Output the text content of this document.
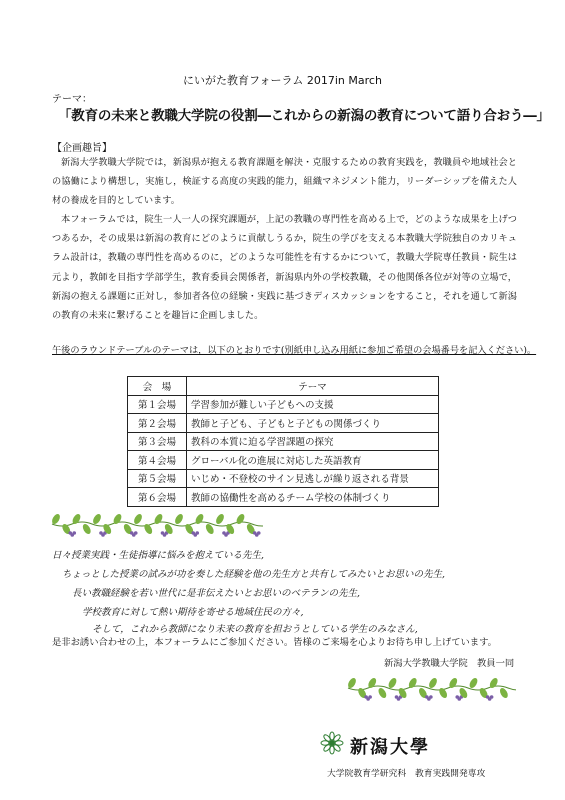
にいがた教育フォーラム 2017in March
テーマ：
「教育の未来と教職大学院の役割―これからの新潟の教育について語り合おう―」
【企画趣旨】
新潟大学教職大学院では，新潟県が抱える教育課題を解決・克服するための教育実践を，教職員や地域社会との協働により構想し，実施し，検証する高度の実践的能力，組織マネジメント能力，リーダーシップを備えた人材の養成を目的としています。
本フォーラムでは，院生一人一人の探究課題が，上記の教職の専門性を高める上で，どのような成果を上げつつあるか，その成果は新潟の教育にどのように貢献しうるか，院生の学びを支える本教職大学院独自のカリキュラム設計は，教職の専門性を高めるのに，どのような可能性を有するかについて，教職大学院専任教員・院生は元より，教師を目指す学部学生，教育委員会関係者，新潟県内外の学校教職，その他関係各位が対等の立場で，新潟の抱える課題に正対し，参加者各位の経験・実践に基づきディスカッションをすること，それを通して新潟の教育の未来に繋げることを趣旨に企画しました。
午後のラウンドテーブルのテーマは，以下のとおりです(別紙申し込み用紙に参加ご希望の会場番号を記入ください)。
会　場	テーマ
第１会場	学習参加が難しい子どもへの支援
第２会場	教師と子ども、子どもと子どもの関係づくり
第３会場	教科の本質に迫る学習課題の探究
第４会場	グローバル化の進展に対応した英語教育
第５会場	いじめ・不登校のサイン見逃しが繰り返される背景
第６会場	教師の協働性を高めるチーム学校の体制づくり
日々授業実践・生徒指導に悩みを抱えている先生,
ちょっとした授業の試みが功を奏した経験を他の先生方と共有してみたいとお思いの先生,
長い教職経験を若い世代に是非伝えたいとお思いのベテランの先生,
学校教育に対して熱い期待を寄せる地域住民の方々,
そして，これから教師になり未来の教育を担おうとしている学生のみなさん,
是非お誘い合わせの上，本フォーラムにご参加ください。皆様のご来場を心よりお待ち申し上げています。
新潟大学教職大学院　教員一同
新潟大學
大学院教育学研究科　教育実践開発専攻
